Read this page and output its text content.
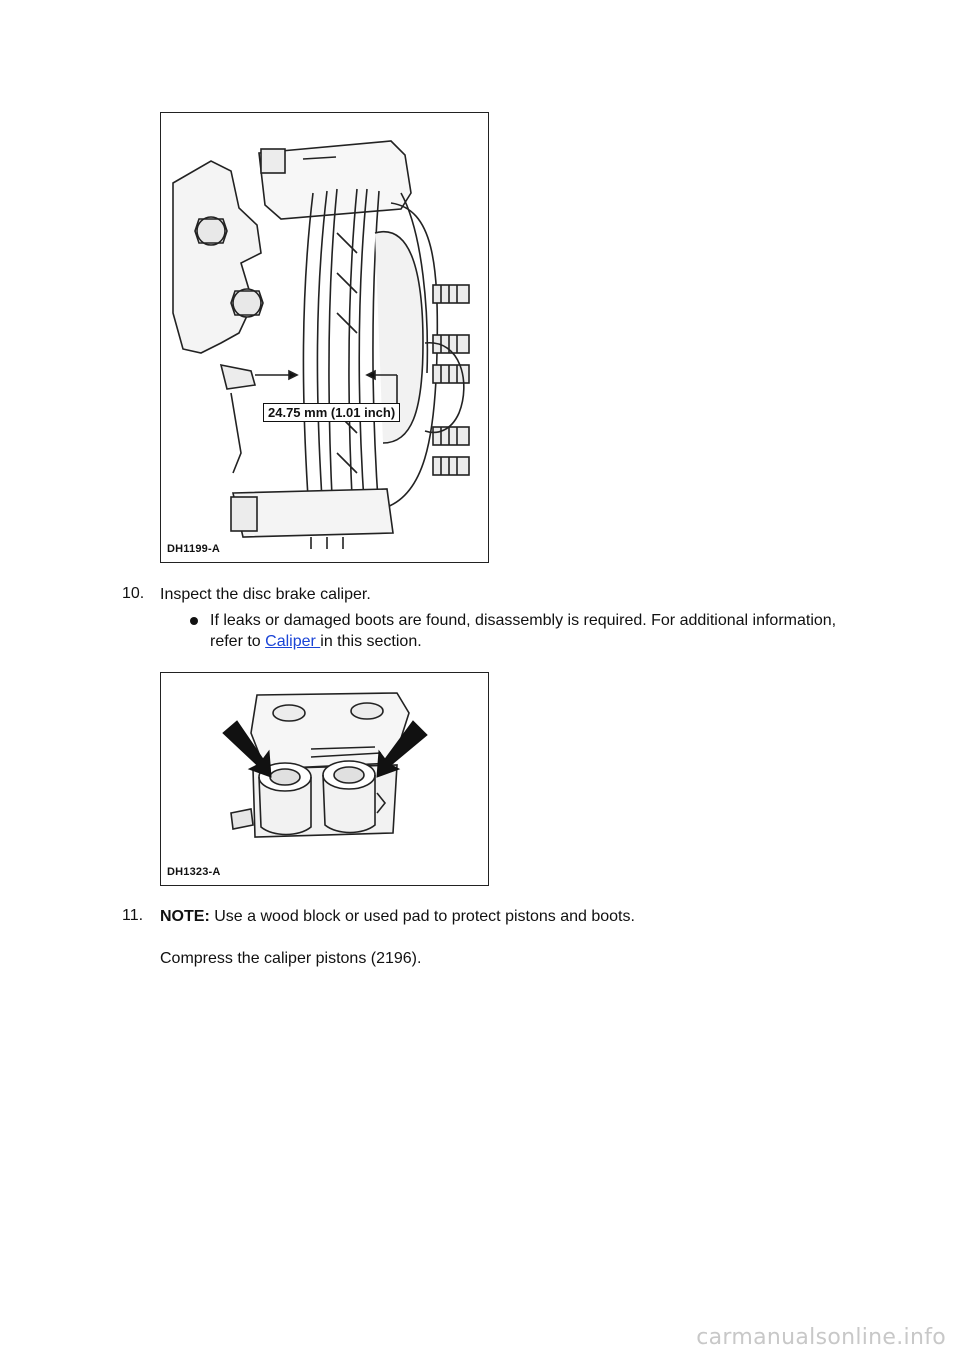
24.75 mm (1.01 inch)
DH1199-A
10. Inspect the disc brake caliper.
If leaks or damaged boots are found, disassembly is required. For additional information,
refer to Caliper in this section.
DH1323-A
11. NOTE: Use a wood block or used pad to protect pistons and boots.
Compress the caliper pistons (2196).
carmanualsonline.info
